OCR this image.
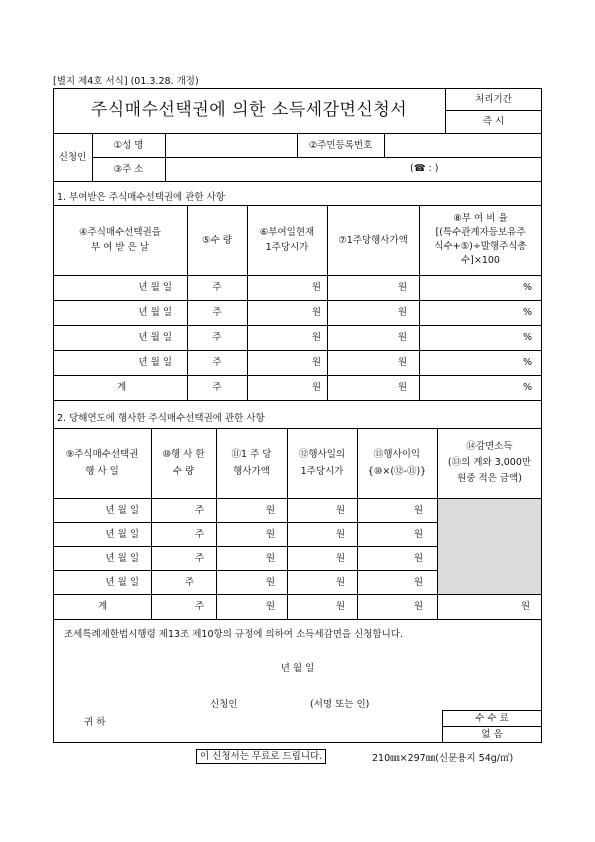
[별지 제4호 서식] (01.3.28. 개정)
주식매수선택권에 의한 소득세감면신청서
처리기간
즉 시
신청인
①성 명	②주민등록번호
③주 소	(☎ : )
1. 부여받은 주식매수선택권에 관한 사항
④주식매수선택권을
부 여 받 은 날
⑤수 량
⑥부여일현재
1주당시가
⑦1주당행사가액
⑧부 여 비 율
[(특수관계자등보유주
식수+⑤)÷발행주식총
수]×100
년 월 일	주	원	원	%
년 월 일	주	원	원	%
년 월 일	주	원	원	%
년 월 일	주	원	원	%
계	주	원	원	%
2. 당해연도에 행사한 주식매수선택권에 관한 사항
⑨주식매수선택권
행 사 일
⑩행 사 한
수 량
⑪1 주 당
행사가액
⑫행사일의
1주당시가
⑬행사이익
{⑩×(⑫-⑪)}
⑭감면소득
(⑬의 계와 3,000만
원중 적은 금액)
년 월 일	주	원	원	원
년 월 일	주	원	원	원
년 월 일	주	원	원	원
년 월 일	주	원	원	원
계	주	원	원	원	원
조세특례제한법시행령 제13조 제10항의 규정에 의하여 소득세감면을 신청합니다.
년 월 일
신청인	(서명 또는 인)
귀 하	수 수 료
없 음
이 신청서는 무료로 드립니다.	210㎜×297㎜(신문용지 54g/㎡)
